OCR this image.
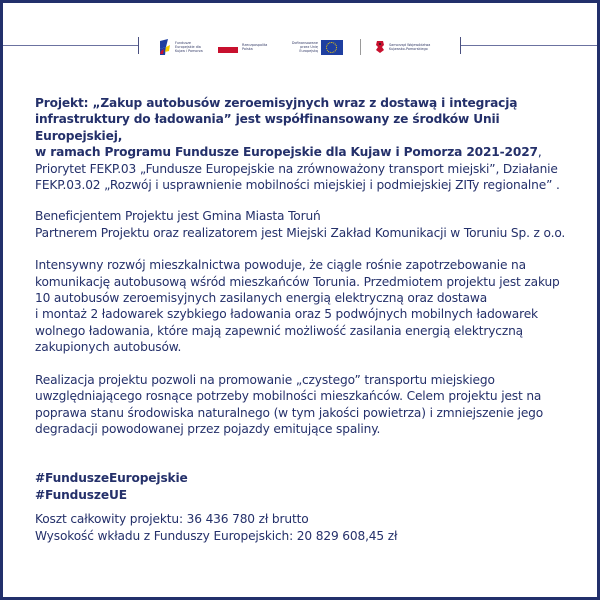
Fundusze Europejskie dla Kujaw i Pomorza
Rzeczpospolita Polska
Dofinansowane przez Unię Europejską
Samorząd Województwa Kujawsko-Pomorskiego

Projekt: „Zakup autobusów zeroemisyjnych wraz z dostawą i integracją
infrastruktury do ładowania” jest współfinansowany ze środków Unii Europejskiej,
w ramach Programu Fundusze Europejskie dla Kujaw i Pomorza 2021-2027,
Priorytet FEKP.03 „Fundusze Europejskie na zrównoważony transport miejski”, Działanie
FEKP.03.02 „Rozwój i usprawnienie mobilności miejskiej i podmiejskiej ZITy regionalne” .

Beneficjentem Projektu jest Gmina Miasta Toruń
Partnerem Projektu oraz realizatorem jest Miejski Zakład Komunikacji w Toruniu Sp. z o.o.

Intensywny rozwój mieszkalnictwa powoduje, że ciągle rośnie zapotrzebowanie na
komunikację autobusową wśród mieszkańców Torunia. Przedmiotem projektu jest zakup
10 autobusów zeroemisyjnych zasilanych energią elektryczną oraz dostawa
i montaż 2 ładowarek szybkiego ładowania oraz 5 podwójnych mobilnych ładowarek
wolnego ładowania, które mają zapewnić możliwość zasilania energią elektryczną
zakupionych autobusów.

Realizacja projektu pozwoli na promowanie „czystego” transportu miejskiego
uwzględniającego rosnące potrzeby mobilności mieszkańców. Celem projektu jest na
poprawa stanu środowiska naturalnego (w tym jakości powietrza) i zmniejszenie jego
degradacji powodowanej przez pojazdy emitujące spaliny.

#FunduszeEuropejskie
#FunduszeUE

Koszt całkowity projektu: 36 436 780 zł brutto
Wysokość wkładu z Funduszy Europejskich: 20 829 608,45 zł
